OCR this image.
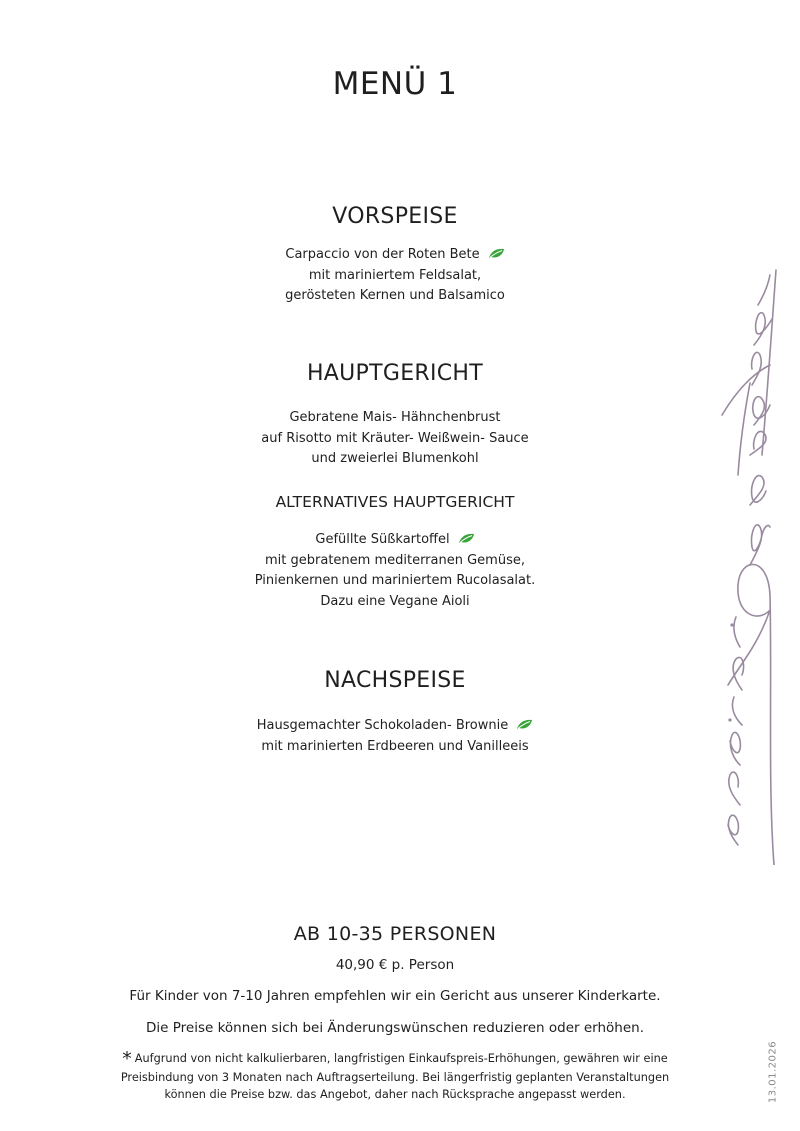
MENÜ 1
VORSPEISE
Carpaccio von der Roten Bete
mit mariniertem Feldsalat,
gerösteten Kernen und Balsamico
HAUPTGERICHT
Gebratene Mais- Hähnchenbrust
auf Risotto mit Kräuter- Weißwein- Sauce
und zweierlei Blumenkohl
ALTERNATIVES HAUPTGERICHT
Gefüllte Süßkartoffel
mit gebratenem mediterranen Gemüse,
Pinienkernen und mariniertem Rucolasalat.
Dazu eine Vegane Aioli
NACHSPEISE
Hausgemachter Schokoladen- Brownie
mit marinierten Erdbeeren und Vanilleeis
AB 10-35 PERSONEN
40,90 € p. Person
Für Kinder von 7-10 Jahren empfehlen wir ein Gericht aus unserer Kinderkarte.
Die Preise können sich bei Änderungswünschen reduzieren oder erhöhen.
* Aufgrund von nicht kalkulierbaren, langfristigen Einkaufspreis-Erhöhungen, gewähren wir eine
Preisbindung von 3 Monaten nach Auftragserteilung. Bei längerfristig geplanten Veranstaltungen
können die Preise bzw. das Angebot, daher nach Rücksprache angepasst werden.	13.01.2026
